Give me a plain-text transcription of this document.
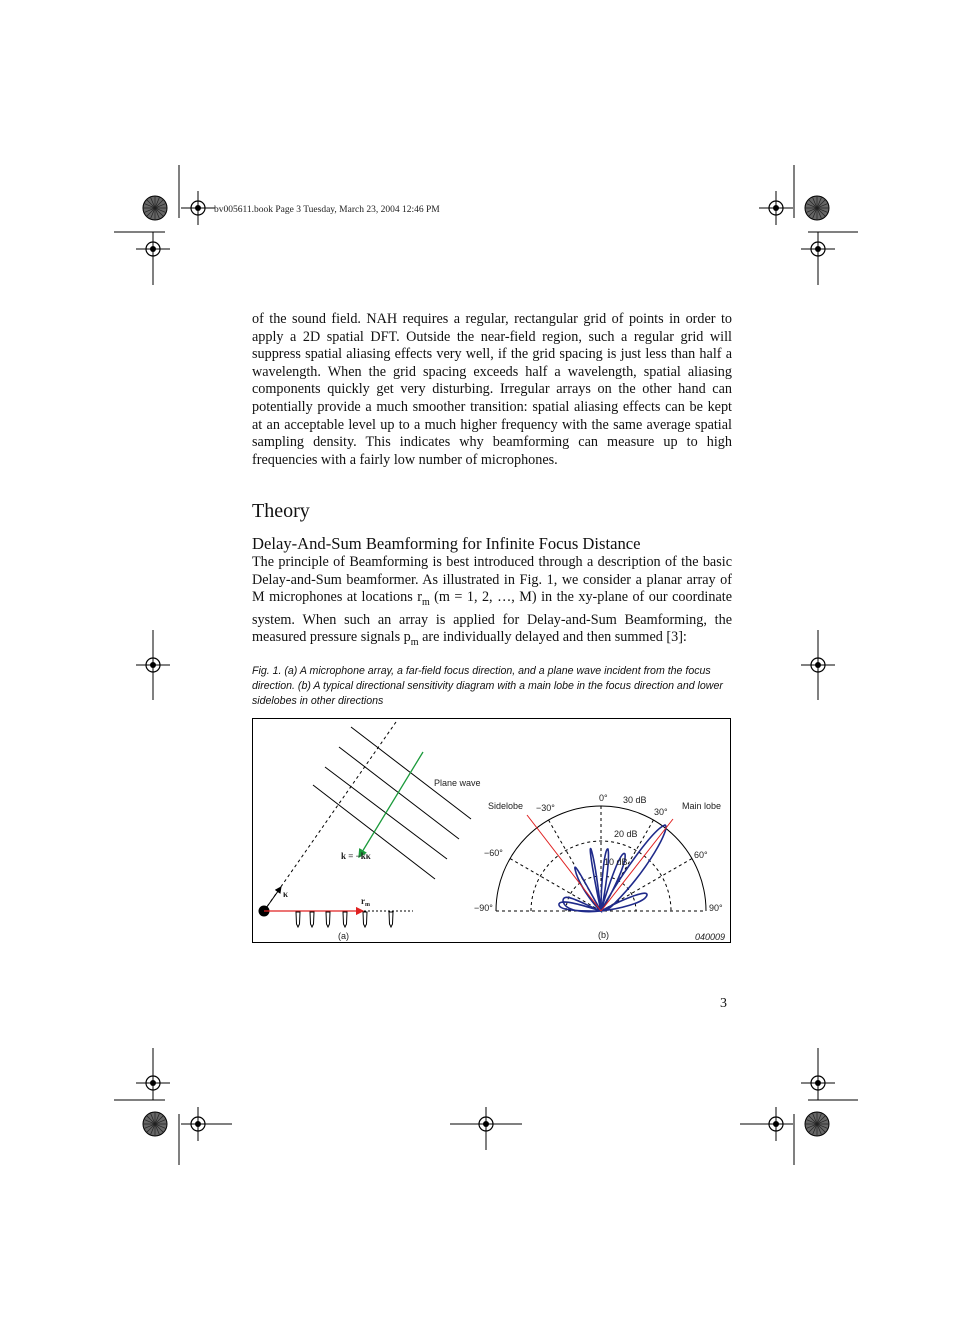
bv005611.book Page 3 Tuesday, March 23, 2004 12:46 PM

of the sound field. NAH requires a regular, rectangular grid of points in order to apply a 2D spatial DFT. Outside the near-field region, such a regular grid will suppress spatial aliasing effects very well, if the grid spacing is just less than half a wavelength. When the grid spacing exceeds half a wavelength, spatial aliasing components quickly get very disturbing. Irregular arrays on the other hand can potentially provide a much smoother transition: spatial aliasing effects can be kept at an acceptable level up to a much higher frequency with the same average spatial sampling density. This indicates why beamforming can measure up to high frequencies with a fairly low number of microphones.

Theory
Delay-And-Sum Beamforming for Infinite Focus Distance

The principle of Beamforming is best introduced through a description of the basic Delay-and-Sum beamformer. As illustrated in Fig. 1, we consider a planar array of M microphones at locations $r_m$ (m = 1, 2, …, M) in the xy-plane of our coordinate system. When such an array is applied for Delay-and-Sum Beamforming, the measured pressure signals $p_m$ are individually delayed and then summed [3]:

Fig. 1. (a) A microphone array, a far-field focus direction, and a plane wave incident from the focus direction. (b) A typical directional sensitivity diagram with a main lobe in the focus direction and lower sidelobes in other directions

Plane wave
k = −kκ
κ
$r_m$
(a)
Sidelobe	Main lobe
0° 30 dB
−30°	30°
20 dB
−60°	60°
10 dB
−90°	90°
(b)	040009
3
